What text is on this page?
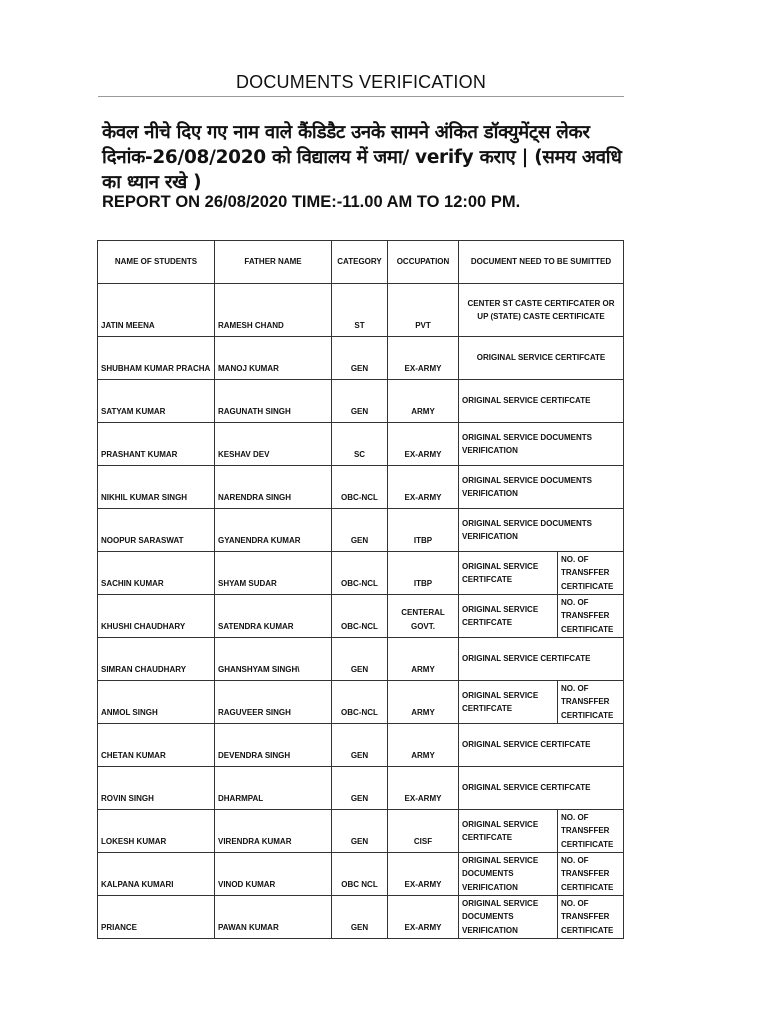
DOCUMENTS VERIFICATION
केवल नीचे दिए गए नाम वाले कैंडिडैट उनके सामने अंकित डॉक्युमेंट्स लेकर दिनांक-26/08/2020 को विद्यालय में जमा/ verify कराए | (समय अवधि का ध्यान रखे )
REPORT ON 26/08/2020 TIME:-11.00 AM TO 12:00 PM.
NAME OF STUDENTS	FATHER NAME	CATEGORY	OCCUPATION	DOCUMENT NEED TO BE SUMITTED	
JATIN MEENA	RAMESH CHAND	ST	PVT	CENTER ST CASTE CERTIFCATER OR UP (STATE) CASTE CERTIFICATE	
SHUBHAM KUMAR PRACHA	MANOJ KUMAR	GEN	EX-ARMY	ORIGINAL SERVICE CERTIFCATE	
SATYAM KUMAR	RAGUNATH SINGH	GEN	ARMY	ORIGINAL SERVICE CERTIFCATE	
PRASHANT KUMAR	KESHAV DEV	SC	EX-ARMY	ORIGINAL SERVICE DOCUMENTS VERIFICATION	
NIKHIL KUMAR SINGH	NARENDRA SINGH	OBC-NCL	EX-ARMY	ORIGINAL SERVICE DOCUMENTS VERIFICATION	
NOOPUR SARASWAT	GYANENDRA KUMAR	GEN	ITBP	ORIGINAL SERVICE DOCUMENTS VERIFICATION	
SACHIN KUMAR	SHYAM SUDAR	OBC-NCL	ITBP	ORIGINAL SERVICE CERTIFCATE	NO. OF TRANSFFER CERTIFICATE
KHUSHI CHAUDHARY	SATENDRA KUMAR	OBC-NCL	CENTERAL GOVT.	ORIGINAL SERVICE CERTIFCATE	NO. OF TRANSFFER CERTIFICATE
SIMRAN CHAUDHARY	GHANSHYAM SINGH\	GEN	ARMY	ORIGINAL SERVICE CERTIFCATE	
ANMOL SINGH	RAGUVEER SINGH	OBC-NCL	ARMY	ORIGINAL SERVICE CERTIFCATE	NO. OF TRANSFFER CERTIFICATE
CHETAN KUMAR	DEVENDRA SINGH	GEN	ARMY	ORIGINAL SERVICE CERTIFCATE	
ROVIN SINGH	DHARMPAL	GEN	EX-ARMY	ORIGINAL SERVICE CERTIFCATE	
LOKESH KUMAR	VIRENDRA KUMAR	GEN	CISF	ORIGINAL SERVICE CERTIFCATE	NO. OF TRANSFFER CERTIFICATE
KALPANA KUMARI	VINOD KUMAR	OBC NCL	EX-ARMY	ORIGINAL SERVICE DOCUMENTS VERIFICATION	NO. OF TRANSFFER CERTIFICATE
PRIANCE	PAWAN KUMAR	GEN	EX-ARMY	ORIGINAL SERVICE DOCUMENTS VERIFICATION	NO. OF TRANSFFER CERTIFICATE
